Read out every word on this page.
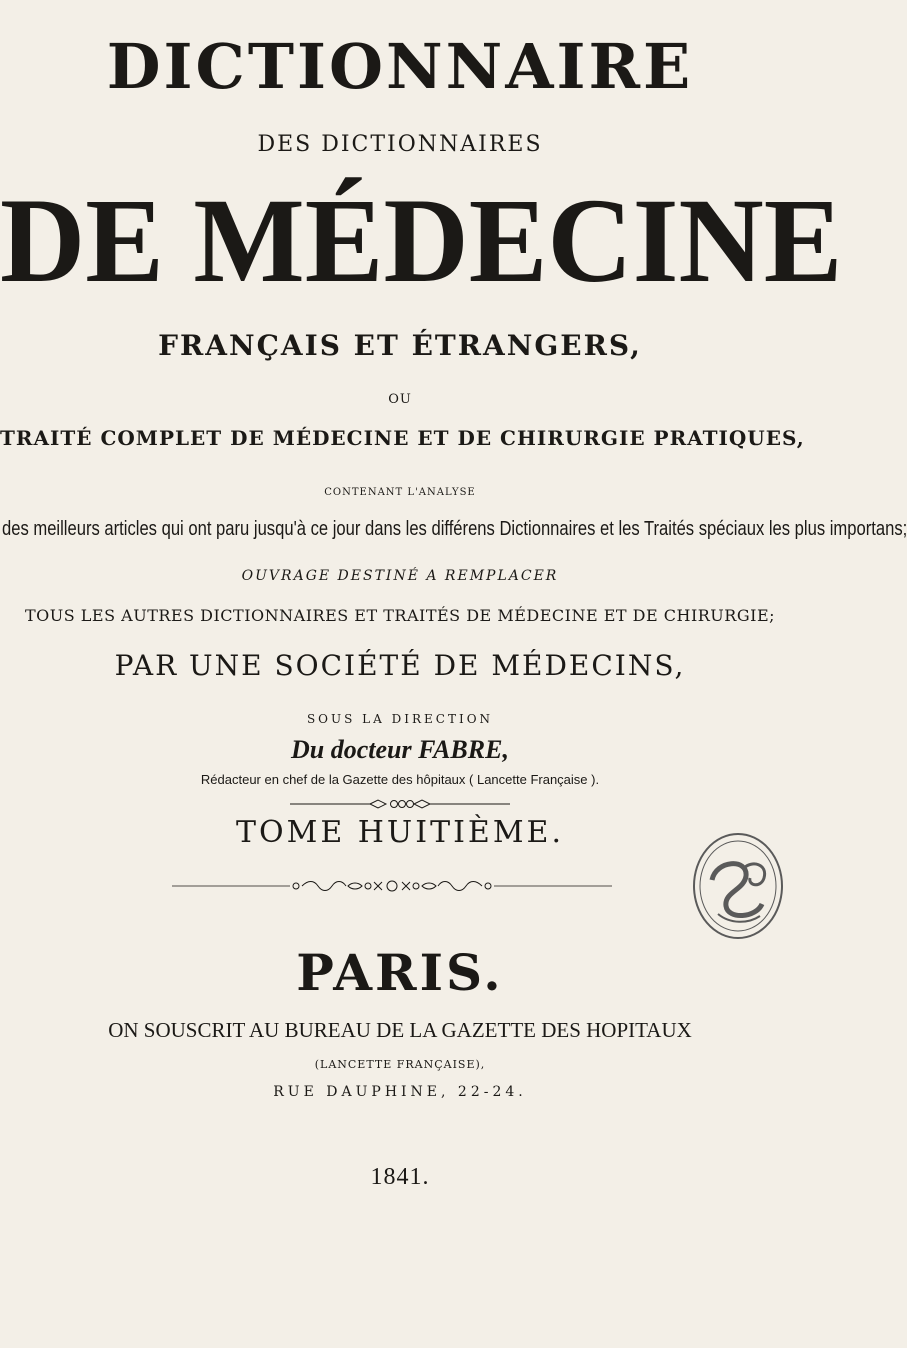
DICTIONNAIRE
DES DICTIONNAIRES
DE MÉDECINE
FRANÇAIS ET ÉTRANGERS,
OU
TRAITÉ COMPLET DE MÉDECINE ET DE CHIRURGIE PRATIQUES,
CONTENANT L'ANALYSE
des meilleurs articles qui ont paru jusqu'à ce jour dans les différens Dictionnaires et les Traités spéciaux les plus importans;
OUVRAGE DESTINÉ A REMPLACER
TOUS LES AUTRES DICTIONNAIRES ET TRAITÉS DE MÉDECINE ET DE CHIRURGIE;
PAR UNE SOCIÉTÉ DE MÉDECINS,
SOUS LA DIRECTION
Du docteur FABRE,
Rédacteur en chef de la Gazette des hôpitaux ( Lancette Française ).
TOME HUITIÈME.
PARIS.
ON SOUSCRIT AU BUREAU DE LA GAZETTE DES HOPITAUX
(LANCETTE FRANÇAISE),
RUE DAUPHINE, 22-24.
1841.
